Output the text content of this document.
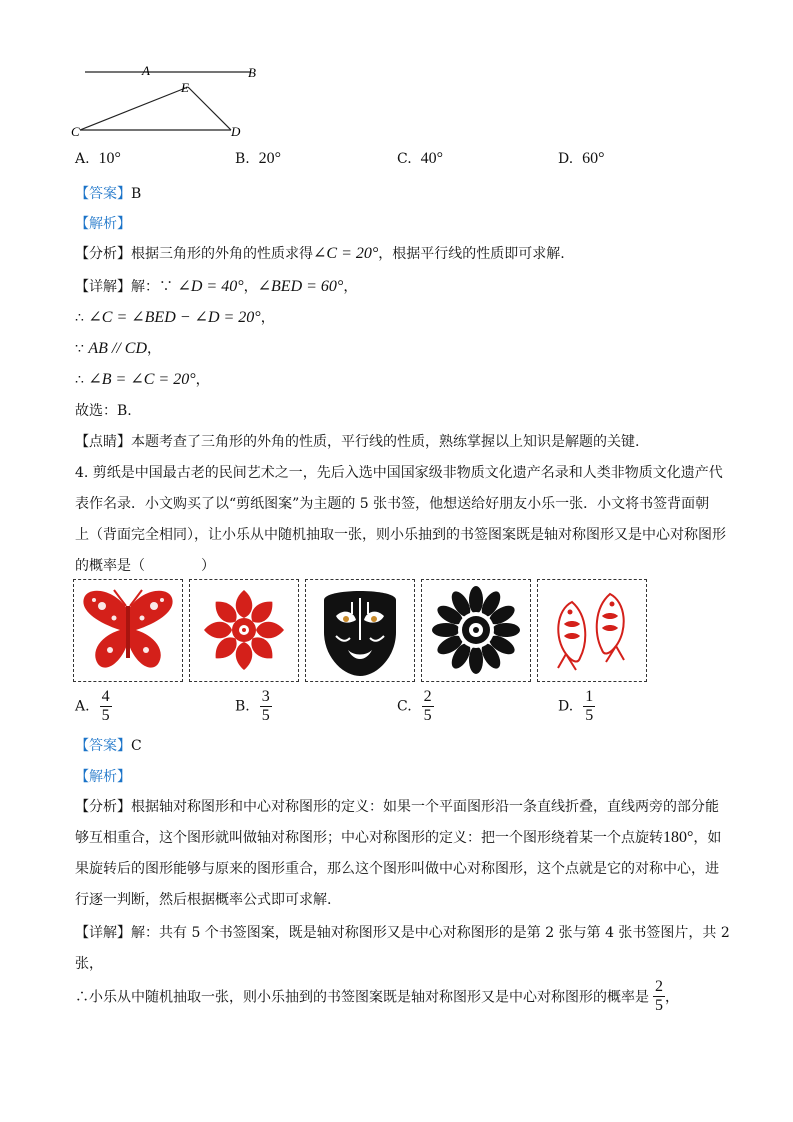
A	B
E
C	D
A. 10°	B. 20°	C. 40°	D. 60°
【答案】B
【解析】
【分析】根据三角形的外角的性质求得∠C = 20°，根据平行线的性质即可求解.
【详解】解：∵ ∠D = 40°，∠BED = 60°，
∴ ∠C = ∠BED − ∠D = 20°，
∵ AB // CD，
∴ ∠B = ∠C = 20°，
故选：B.
【点睛】本题考查了三角形的外角的性质，平行线的性质，熟练掌握以上知识是解题的关键.
4. 剪纸是中国最古老的民间艺术之一，先后入选中国国家级非物质文化遗产名录和人类非物质文化遗产代
表作名录．小文购买了以“剪纸图案”为主题的 5 张书签，他想送给好朋友小乐一张．小文将书签背面朝
上（背面完全相同），让小乐从中随机抽取一张，则小乐抽到的书签图案既是轴对称图形又是中心对称图形
的概率是（　　　　）
A. $\frac{4}{5}$	B. $\frac{3}{5}$	C. $\frac{2}{5}$	D. $\frac{1}{5}$
【答案】C
【解析】
【分析】根据轴对称图形和中心对称图形的定义：如果一个平面图形沿一条直线折叠，直线两旁的部分能
够互相重合，这个图形就叫做轴对称图形；中心对称图形的定义：把一个图形绕着某一个点旋转180°，如
果旋转后的图形能够与原来的图形重合，那么这个图形叫做中心对称图形，这个点就是它的对称中心，进
行逐一判断，然后根据概率公式即可求解.
【详解】解：共有 5 个书签图案，既是轴对称图形又是中心对称图形的是第 2 张与第 4 张书签图片，共 2
张，
∴小乐从中随机抽取一张，则小乐抽到的书签图案既是轴对称图形又是中心对称图形的概率是 $\frac{2}{5}$ ，
